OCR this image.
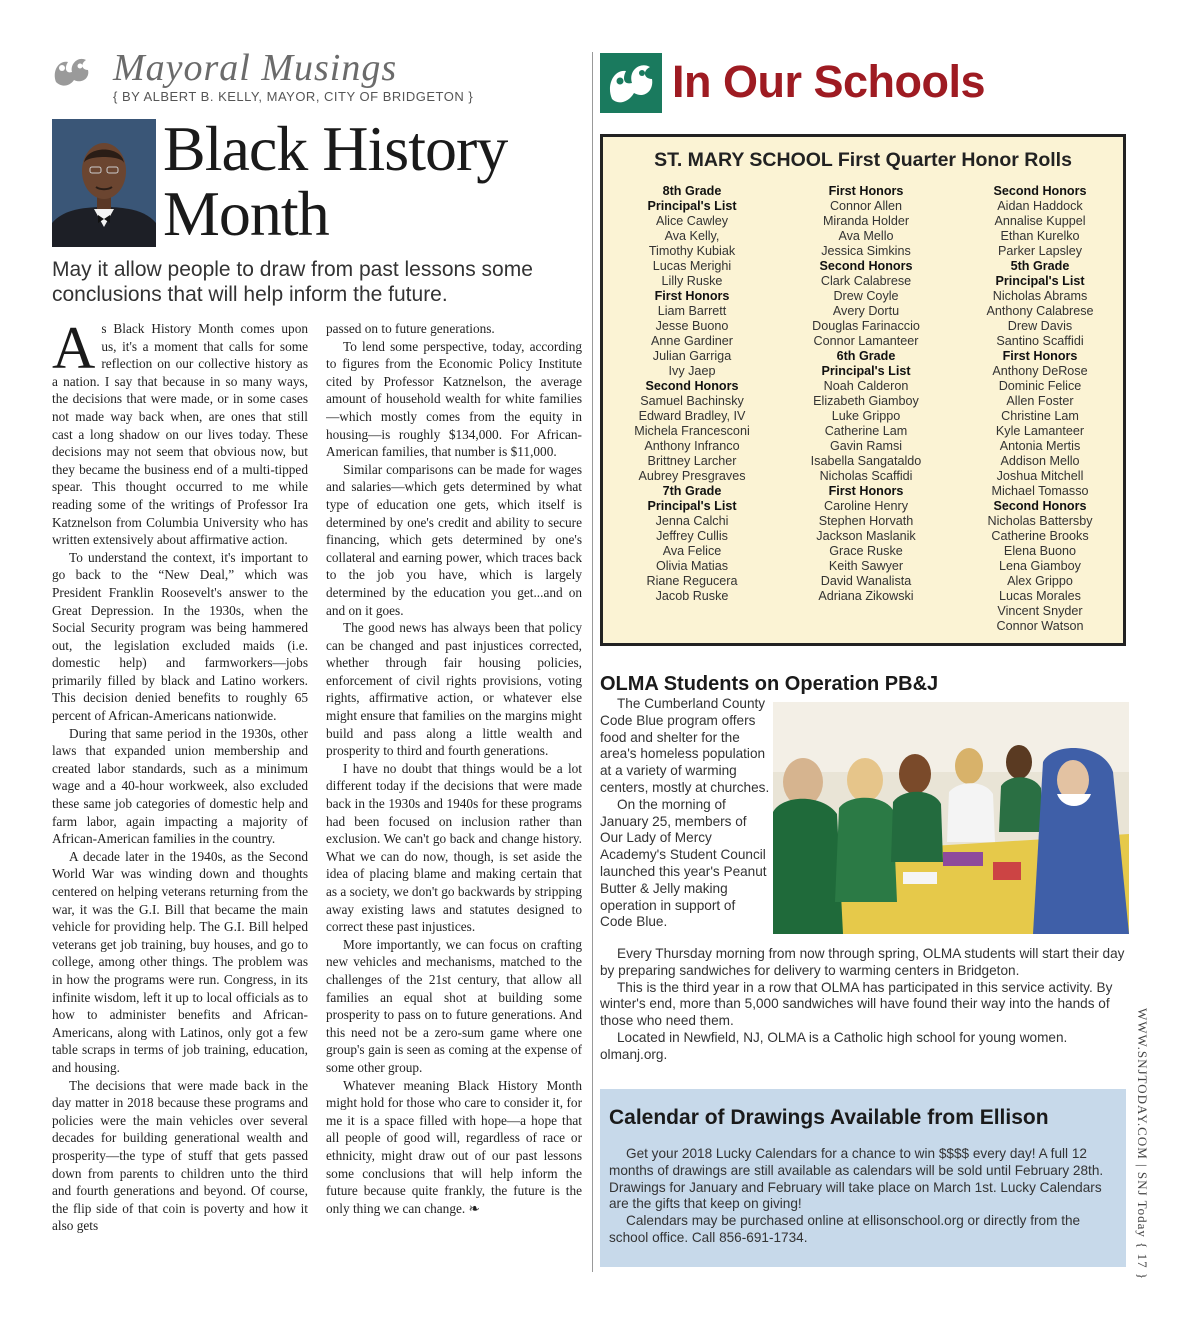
Mayoral Musings
{ BY ALBERT B. KELLY, MAYOR, CITY OF BRIDGETON }
Black History
Month
May it allow people to draw from past lessons some conclusions that will help inform the future.

As Black History Month comes upon us, it's a moment that calls for some reflection on our collective history as a nation. I say that because in so many ways, the decisions that were made, or in some cases not made way back when, are ones that still cast a long shadow on our lives today. These decisions may not seem that obvious now, but they became the business end of a multi-tipped spear. This thought occurred to me while reading some of the writings of Professor Ira Katznelson from Columbia University who has written extensively about affirmative action.

To understand the context, it's important to go back to the “New Deal,” which was President Franklin Roosevelt's answer to the Great Depression. In the 1930s, when the Social Security program was being hammered out, the legislation excluded maids (i.e. domestic help) and farmworkers—jobs primarily filled by black and Latino workers. This decision denied benefits to roughly 65 percent of African-Americans nationwide.

During that same period in the 1930s, other laws that expanded union membership and created labor standards, such as a minimum wage and a 40-hour workweek, also excluded these same job categories of domestic help and farm labor, again impacting a majority of African-American families in the country.

A decade later in the 1940s, as the Second World War was winding down and thoughts centered on helping veterans returning from the war, it was the G.I. Bill that became the main vehicle for providing help. The G.I. Bill helped veterans get job training, buy houses, and go to college, among other things. The problem was in how the programs were run. Congress, in its infinite wisdom, left it up to local officials as to how to administer benefits and African-Americans, along with Latinos, only got a few table scraps in terms of job training, education, and housing.

The decisions that were made back in the day matter in 2018 because these programs and policies were the main vehicles over several decades for building generational wealth and prosperity—the type of stuff that gets passed down from parents to children unto the third and fourth generations and beyond. Of course, the flip side of that coin is poverty and how it also gets

passed on to future generations.

To lend some perspective, today, according to figures from the Economic Policy Institute cited by Professor Katznelson, the average amount of household wealth for white families—which mostly comes from the equity in housing—is roughly $134,000. For African-American families, that number is $11,000.

Similar comparisons can be made for wages and salaries—which gets determined by what type of education one gets, which itself is determined by one's credit and ability to secure financing, which gets determined by one's collateral and earning power, which traces back to the job you have, which is largely determined by the education you get...and on and on it goes.

The good news has always been that policy can be changed and past injustices corrected, whether through fair housing policies, enforcement of civil rights provisions, voting rights, affirmative action, or whatever else might ensure that families on the margins might build and pass along a little wealth and prosperity to third and fourth generations.

I have no doubt that things would be a lot different today if the decisions that were made back in the 1930s and 1940s for these programs had been focused on inclusion rather than exclusion. We can't go back and change history. What we can do now, though, is set aside the idea of placing blame and making certain that as a society, we don't go backwards by stripping away existing laws and statutes designed to correct these past injustices.

More importantly, we can focus on crafting new vehicles and mechanisms, matched to the challenges of the 21st century, that allow all families an equal shot at building some prosperity to pass on to future generations. And this need not be a zero-sum game where one group's gain is seen as coming at the expense of some other group.

Whatever meaning Black History Month might hold for those who care to consider it, for me it is a space filled with hope—a hope that all people of good will, regardless of race or ethnicity, might draw out of our past lessons some conclusions that will help inform the future because quite frankly, the future is the only thing we can change. ❧

In Our Schools
ST. MARY SCHOOL First Quarter Honor Rolls
8th Grade
Principal's List
Alice Cawley
Ava Kelly,
Timothy Kubiak
Lucas Merighi
Lilly Ruske
First Honors
Liam Barrett
Jesse Buono
Anne Gardiner
Julian Garriga
Ivy Jaep
Second Honors
Samuel Bachinsky
Edward Bradley, IV
Michela Francesconi
Anthony Infranco
Brittney Larcher
Aubrey Presgraves
7th Grade
Principal's List
Jenna Calchi
Jeffrey Cullis
Ava Felice
Olivia Matias
Riane Regucera
Jacob Ruske
First Honors
Connor Allen
Miranda Holder
Ava Mello
Jessica Simkins
Second Honors
Clark Calabrese
Drew Coyle
Avery Dortu
Douglas Farinaccio
Connor Lamanteer
6th Grade
Principal's List
Noah Calderon
Elizabeth Giamboy
Luke Grippo
Catherine Lam
Gavin Ramsi
Isabella Sangataldo
Nicholas Scaffidi
First Honors
Caroline Henry
Stephen Horvath
Jackson Maslanik
Grace Ruske
Keith Sawyer
David Wanalista
Adriana Zikowski
Second Honors
Aidan Haddock
Annalise Kuppel
Ethan Kurelko
Parker Lapsley
5th Grade
Principal's List
Nicholas Abrams
Anthony Calabrese
Drew Davis
Santino Scaffidi
First Honors
Anthony DeRose
Dominic Felice
Allen Foster
Christine Lam
Kyle Lamanteer
Antonia Mertis
Addison Mello
Joshua Mitchell
Michael Tomasso
Second Honors
Nicholas Battersby
Catherine Brooks
Elena Buono
Lena Giamboy
Alex Grippo
Lucas Morales
Vincent Snyder
Connor Watson
OLMA Students on Operation PB&J

The Cumberland County Code Blue program offers food and shelter for the area's homeless population at a variety of warming centers, mostly at churches.

On the morning of January 25, members of Our Lady of Mercy Academy's Student Council launched this year's Peanut Butter & Jelly making operation in support of Code Blue.

Every Thursday morning from now through spring, OLMA students will start their day by preparing sandwiches for delivery to warming centers in Bridgeton.

This is the third year in a row that OLMA has participated in this service activity. By winter's end, more than 5,000 sandwiches will have found their way into the hands of those who need them.

Located in Newfield, NJ, OLMA is a Catholic high school for young women. olmanj.org.

Calendar of Drawings Available from Ellison

Get your 2018 Lucky Calendars for a chance to win $$$$ every day! A full 12 months of drawings are still available as calendars will be sold until February 28th. Drawings for January and February will take place on March 1st. Lucky Calendars are the gifts that keep on giving!

Calendars may be purchased online at ellisonschool.org or directly from the school office. Call 856-691-1734.	WWW.SNJTODAY.COM | SNJ Today { 17 }
